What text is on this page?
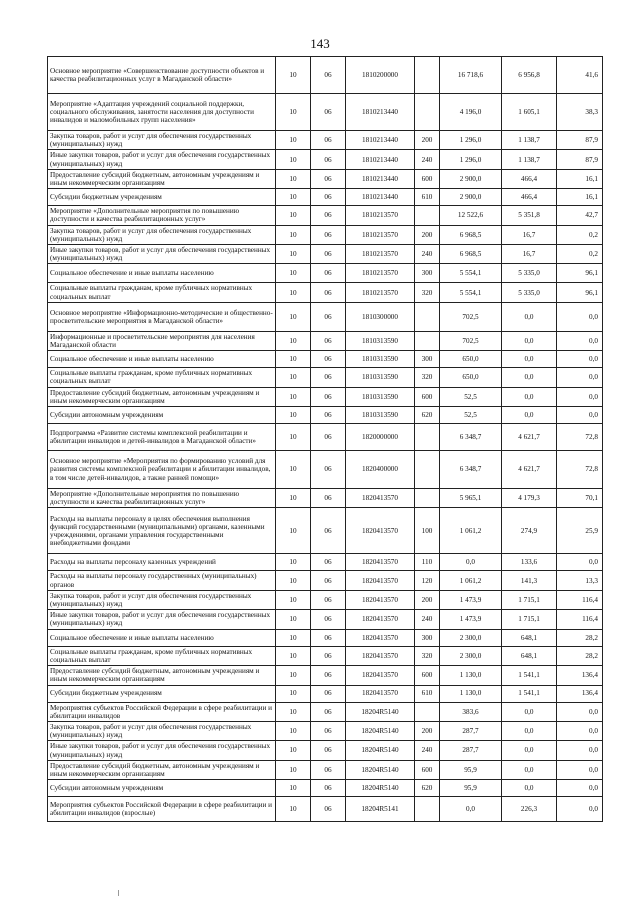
143
Основное мероприятие «Совершенствование доступности объектов и качества реабилитационных услуг в Магаданской области»	10	06	1810200000		16 718,6	6 956,8	41,6
Мероприятие «Адаптация учреждений социальной поддержки, социального обслуживания, занятости населения для доступности инвалидов и маломобильных групп населения»	10	06	1810213440		4 196,0	1 605,1	38,3
Закупка товаров, работ и услуг для обеспечения государственных (муниципальных) нужд	10	06	1810213440	200	1 296,0	1 138,7	87,9
Иные закупки товаров, работ и услуг для обеспечения государственных (муниципальных) нужд	10	06	1810213440	240	1 296,0	1 138,7	87,9
Предоставление субсидий бюджетным, автономным учреждениям и иным некоммерческим организациям	10	06	1810213440	600	2 900,0	466,4	16,1
Субсидии бюджетным учреждениям	10	06	1810213440	610	2 900,0	466,4	16,1
Мероприятие «Дополнительные мероприятия по повышению доступности и качества реабилитационных услуг»	10	06	1810213570		12 522,6	5 351,8	42,7
Закупка товаров, работ и услуг для обеспечения государственных (муниципальных) нужд	10	06	1810213570	200	6 968,5	16,7	0,2
Иные закупки товаров, работ и услуг для обеспечения государственных (муниципальных) нужд	10	06	1810213570	240	6 968,5	16,7	0,2
Социальное обеспечение и иные выплаты населению	10	06	1810213570	300	5 554,1	5 335,0	96,1
Социальные выплаты гражданам, кроме публичных нормативных социальных выплат	10	06	1810213570	320	5 554,1	5 335,0	96,1
Основное мероприятие «Информационно-методические и общественно-просветительские мероприятия в Магаданской области»	10	06	1810300000		702,5	0,0	0,0
Информационные и просветительские мероприятия для населения Магаданской области	10	06	1810313590		702,5	0,0	0,0
Социальное обеспечение и иные выплаты населению	10	06	1810313590	300	650,0	0,0	0,0
Социальные выплаты гражданам, кроме публичных нормативных социальных выплат	10	06	1810313590	320	650,0	0,0	0,0
Предоставление субсидий бюджетным, автономным учреждениям и иным некоммерческим организациям	10	06	1810313590	600	52,5	0,0	0,0
Субсидии автономным учреждениям	10	06	1810313590	620	52,5	0,0	0,0
Подпрограмма «Развитие системы комплексной реабилитации и абилитации инвалидов и детей-инвалидов в Магаданской области»	10	06	1820000000		6 348,7	4 621,7	72,8
Основное мероприятие «Мероприятия по формированию условий для развития системы комплексной реабилитации и абилитации инвалидов, в том числе детей-инвалидов, а также ранней помощи»	10	06	1820400000		6 348,7	4 621,7	72,8
Мероприятие «Дополнительные мероприятия по повышению доступности и качества реабилитационных услуг»	10	06	1820413570		5 965,1	4 179,3	70,1
Расходы на выплаты персоналу в целях обеспечения выполнения функций государственными (муниципальными) органами, казенными учреждениями, органами управления государственными внебюджетными фондами	10	06	1820413570	100	1 061,2	274,9	25,9
Расходы на выплаты персоналу казенных учреждений	10	06	1820413570	110	0,0	133,6	0,0
Расходы на выплаты персоналу государственных (муниципальных) органов	10	06	1820413570	120	1 061,2	141,3	13,3
Закупка товаров, работ и услуг для обеспечения государственных (муниципальных) нужд	10	06	1820413570	200	1 473,9	1 715,1	116,4
Иные закупки товаров, работ и услуг для обеспечения государственных (муниципальных) нужд	10	06	1820413570	240	1 473,9	1 715,1	116,4
Социальное обеспечение и иные выплаты населению	10	06	1820413570	300	2 300,0	648,1	28,2
Социальные выплаты гражданам, кроме публичных нормативных социальных выплат	10	06	1820413570	320	2 300,0	648,1	28,2
Предоставление субсидий бюджетным, автономным учреждениям и иным некоммерческим организациям	10	06	1820413570	600	1 130,0	1 541,1	136,4
Субсидии бюджетным учреждениям	10	06	1820413570	610	1 130,0	1 541,1	136,4
Мероприятия субъектов Российской Федерации в сфере реабилитации и абилитации инвалидов	10	06	18204R5140		383,6	0,0	0,0
Закупка товаров, работ и услуг для обеспечения государственных (муниципальных) нужд	10	06	18204R5140	200	287,7	0,0	0,0
Иные закупки товаров, работ и услуг для обеспечения государственных (муниципальных) нужд	10	06	18204R5140	240	287,7	0,0	0,0
Предоставление субсидий бюджетным, автономным учреждениям и иным некоммерческим организациям	10	06	18204R5140	600	95,9	0,0	0,0
Субсидии автономным учреждениям	10	06	18204R5140	620	95,9	0,0	0,0
Мероприятия субъектов Российской Федерации в сфере реабилитации и абилитации инвалидов (взрослые)	10	06	18204R5141		0,0	226,3	0,0
